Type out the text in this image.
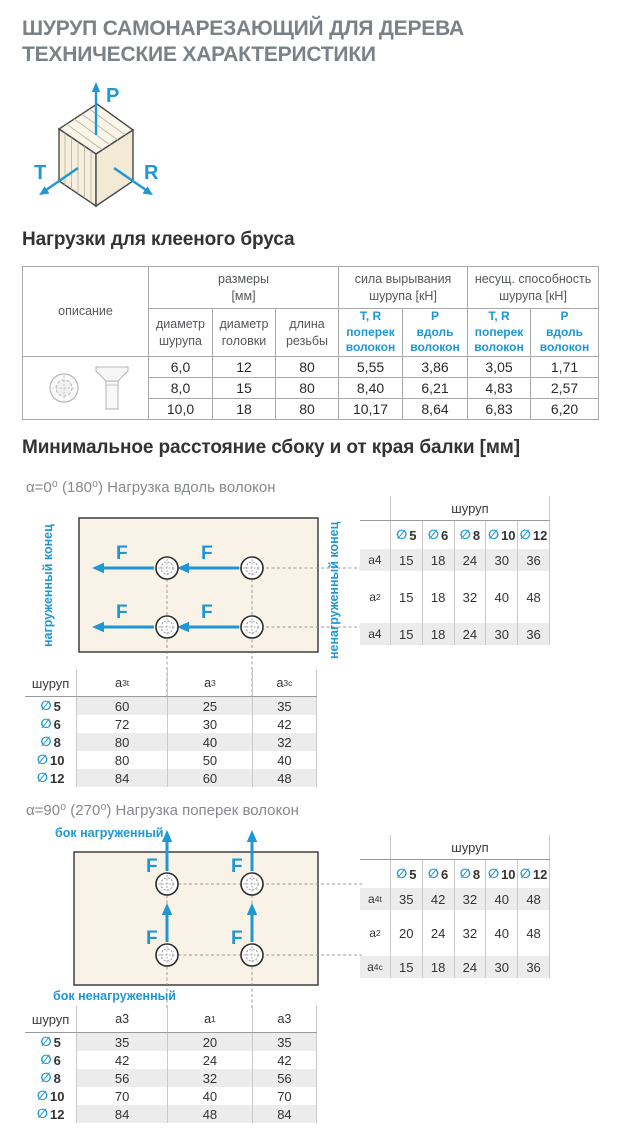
ШУРУП САМОНАРЕЗАЮЩИЙ ДЛЯ ДЕРЕВА
ТЕХНИЧЕСКИЕ ХАРАКТЕРИСТИКИ
P
T	R
Нагрузки для клееного бруса
описание	
размеры
[мм]

сила вырывания
шурупа [кН]

несущ. способность
шурупа [кН]

диаметр шурупа	диаметр головки	длина резьбы	
T, R
поперек
волокон

P
вдоль
волокон

T, R
поперек
волокон

P
вдоль
волокон

	6,0	12	80	5,55	3,86	3,05	1,71
	8,0	15	80	8,40	6,21	4,83	2,57
	10,0	18	80	10,17	8,64	6,83	6,20
Минимальное расстояние сбоку и от края балки [мм]
α=0⁰ (180⁰) Нагрузка вдоль волокон
F	F
F	F
нагруженный конец	ненагруженный конец
шуруп
∅ 5 ∅ 6 ∅ 8 ∅ 10 ∅ 12
a4	15	18	24	30	36
a 2	15	18	32	40	48
a4	15	18	24	30	36
шуруп	a 3t	a 3	a 3c
∅ 5	60	25	35
∅ 6	72	30	42
∅ 8	80	40	32
∅ 10	80	50	40
∅ 12	84	60	48
α=90⁰ (270⁰) Нагрузка поперек волокон
F	F
F	F
бок нагруженный
бок ненагруженный
шуруп
∅ 5 ∅ 6 ∅ 8 ∅ 10 ∅ 12
a 4t	35	42	32	40	48
a 2	20	24	32	40	48
a 4c	15	18	24	30	36
шуруп	a3	a 1	a3
∅ 5	35	20	35
∅ 6	42	24	42
∅ 8	56	32	56
∅ 10	70	40	70
∅ 12	84	48	84
